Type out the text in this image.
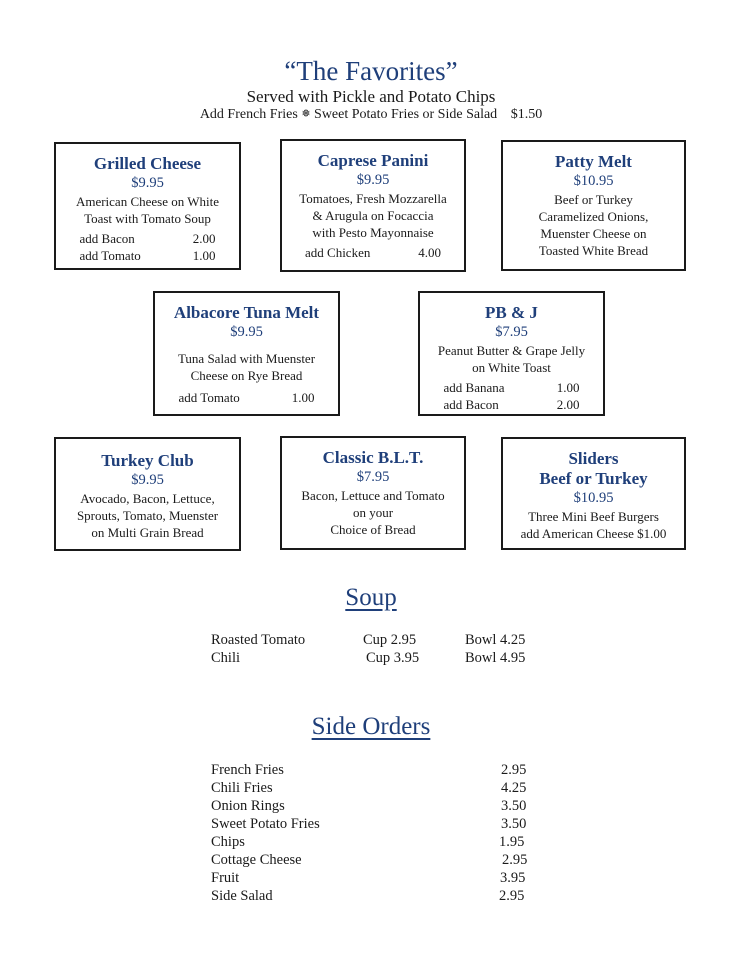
“The Favorites”
Served with Pickle and Potato Chips
Add French Fries ❅ Sweet Potato Fries or Side Salad $1.50
Grilled Cheese
$9.95
American Cheese on White
Toast with Tomato Soup
add Bacon	2.00
add Tomato	1.00
Caprese Panini
$9.95
Tomatoes, Fresh Mozzarella
& Arugula on Focaccia
with Pesto Mayonnaise
add Chicken	4.00
Patty Melt
$10.95
Beef or Turkey
Caramelized Onions,
Muenster Cheese on
Toasted White Bread
Albacore Tuna Melt
$9.95
Tuna Salad with Muenster
Cheese on Rye Bread
add Tomato	1.00
PB & J
$7.95
Peanut Butter & Grape Jelly
on White Toast
add Banana	1.00
add Bacon	2.00
Turkey Club
$9.95
Avocado, Bacon, Lettuce,
Sprouts, Tomato, Muenster
on Multi Grain Bread
Classic B.L.T.
$7.95
Bacon, Lettuce and Tomato
on your
Choice of Bread
Sliders
Beef or Turkey
$10.95
Three Mini Beef Burgers
add American Cheese $1.00
Soup
Roasted Tomato	Cup 2.95	Bowl 4.25
Chili	Cup 3.95	Bowl 4.95
Side Orders
French Fries	2.95
Chili Fries	4.25
Onion Rings	3.50
Sweet Potato Fries	3.50
Chips	1.95
Cottage Cheese	2.95
Fruit	3.95
Side Salad	2.95
